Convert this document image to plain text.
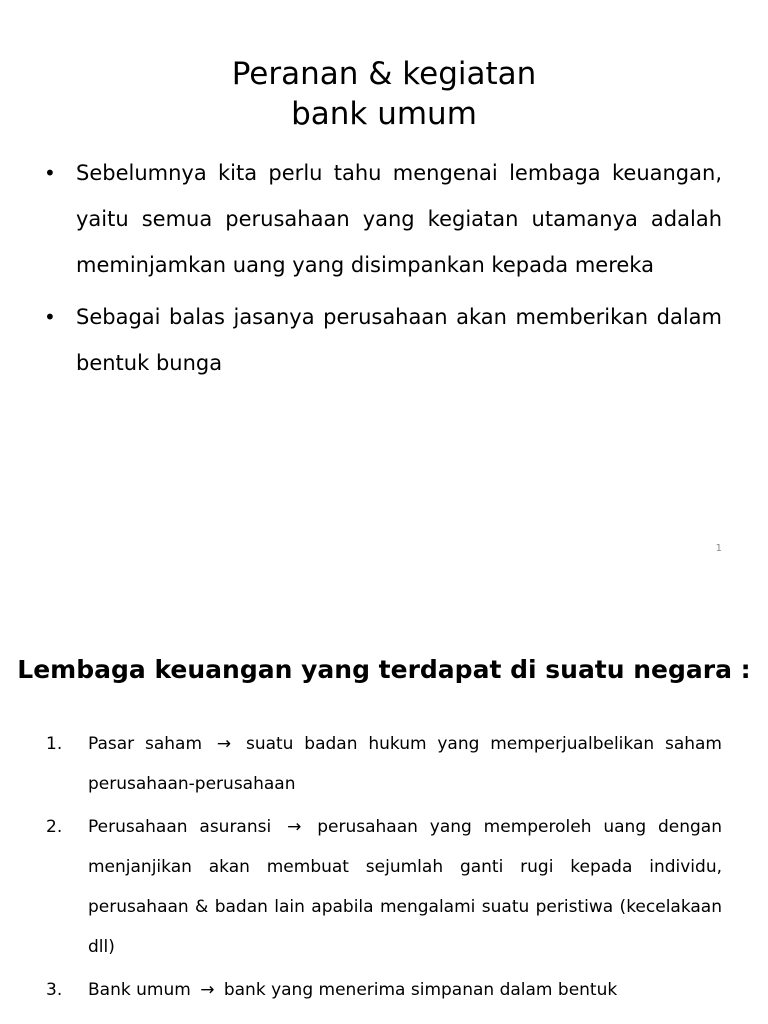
Peranan & kegiatan
bank umum
• Sebelumnya kita perlu tahu mengenai lembaga keuangan, yaitu semua perusahaan yang kegiatan utamanya adalah meminjamkan uang yang disimpankan kepada mereka
• Sebagai balas jasanya perusahaan akan memberikan dalam bentuk bunga
1
Lembaga keuangan yang terdapat di suatu negara :
1. Pasar saham → suatu badan hukum yang memperjualbelikan saham perusahaan-perusahaan
2. Perusahaan asuransi → perusahaan yang memperoleh uang dengan menjanjikan akan membuat sejumlah ganti rugi kepada individu, perusahaan & badan lain apabila mengalami suatu peristiwa (kecelakaan dll)
3. Bank umum → bank yang menerima simpanan dalam bentuk
